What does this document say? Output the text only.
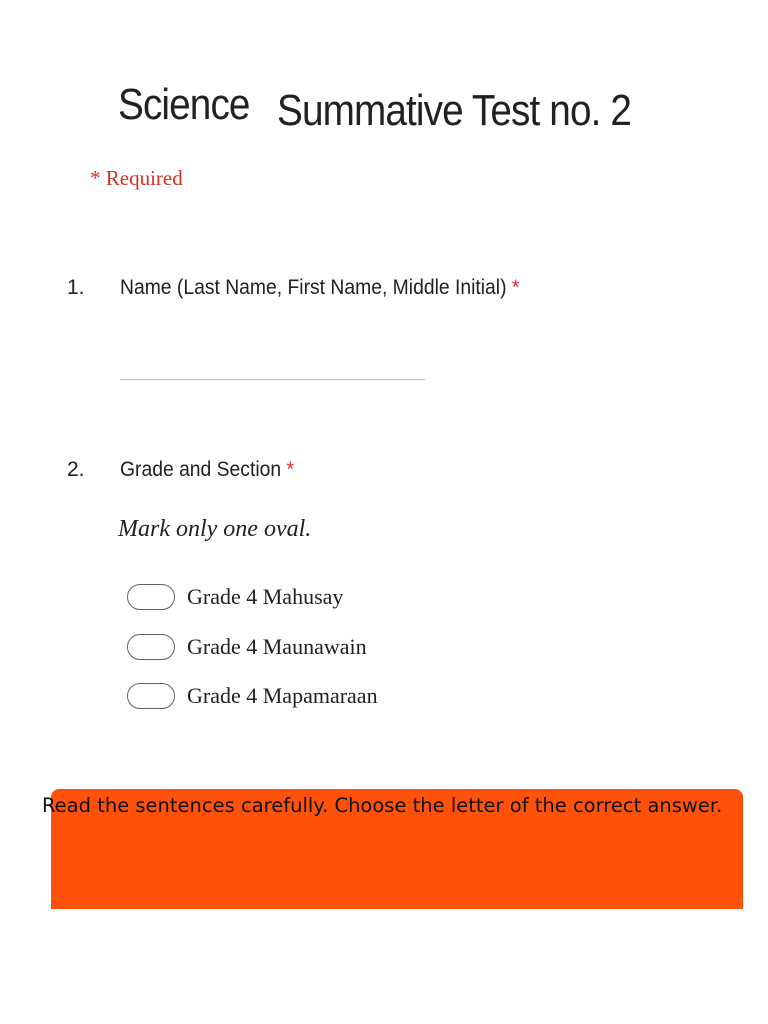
Science Summative Test no. 2
* Required
1. Name (Last Name, First Name, Middle Initial) *
2. Grade and Section *
Mark only one oval.
Grade 4 Mahusay
Grade 4 Maunawain
Grade 4 Mapamaraan
Read the sentences carefully. Choose the letter of the correct answer.
